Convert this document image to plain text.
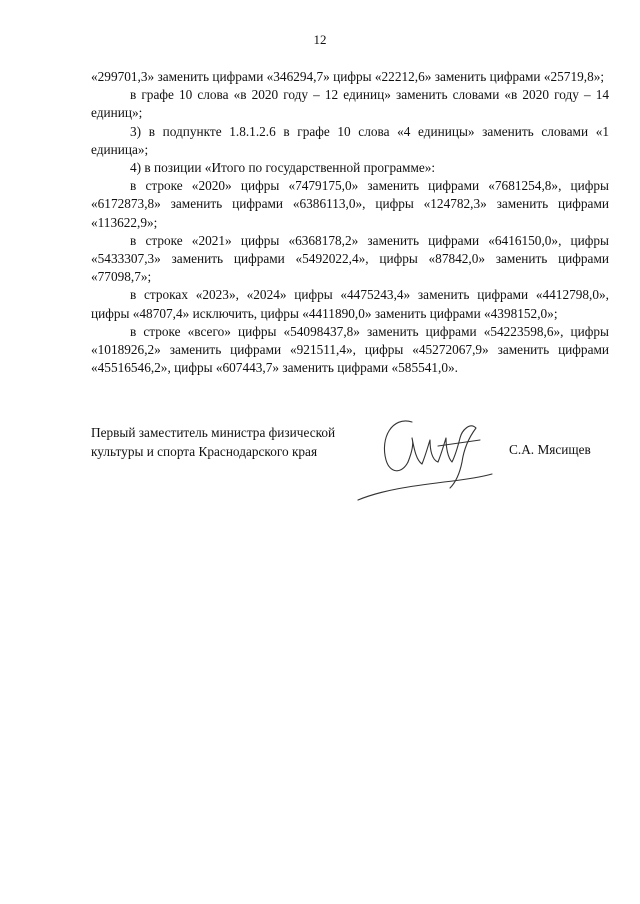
12

«299701,3» заменить цифрами «346294,7» цифры «22212,6» заменить цифрами «25719,8»;

в графе 10 слова «в 2020 году – 12 единиц» заменить словами «в 2020 году – 14 единиц»;

3) в подпункте 1.8.1.2.6 в графе 10 слова «4 единицы» заменить словами «1 единица»;

4) в позиции «Итого по государственной программе»:

в строке «2020» цифры «7479175,0» заменить цифрами «7681254,8», цифры «6172873,8» заменить цифрами «6386113,0», цифры «124782,3» заменить цифрами «113622,9»;

в строке «2021» цифры «6368178,2» заменить цифрами «6416150,0», цифры «5433307,3» заменить цифрами «5492022,4», цифры «87842,0» заменить цифрами «77098,7»;

в строках «2023», «2024» цифры «4475243,4» заменить цифрами «4412798,0», цифры «48707,4» исключить, цифры «4411890,0» заменить цифрами «4398152,0»;

в строке «всего» цифры «54098437,8» заменить цифрами «54223598,6», цифры «1018926,2» заменить цифрами «921511,4», цифры «45272067,9» заменить цифрами «45516546,2», цифры «607443,7» заменить цифрами «585541,0».

Первый заместитель министра физической
культуры и спорта Краснодарского края	С.А. Мясищев
